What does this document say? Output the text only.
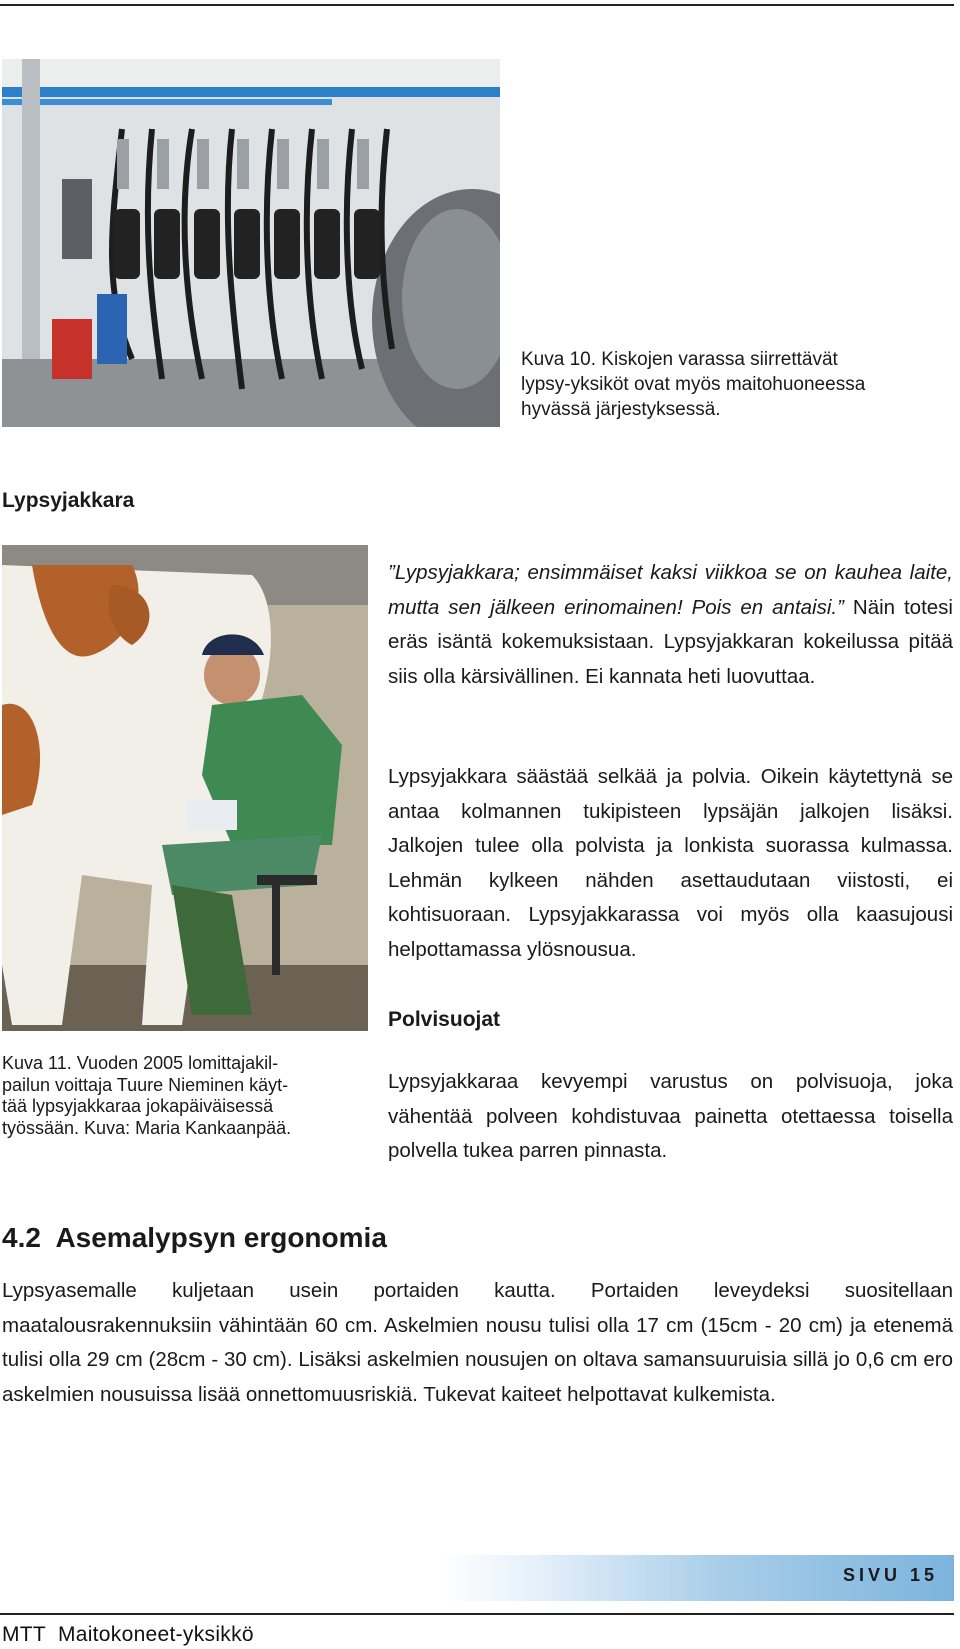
Kuva 10. Kiskojen varassa siirrettävät
lypsy-yksiköt ovat myös maitohuoneessa
hyvässä järjestyksessä.
Lypsyjakkara
”Lypsyjakkara; ensimmäiset kaksi viikkoa se on kauhea laite, mutta sen jälkeen erinomainen! Pois en antaisi.” Näin totesi eräs isäntä kokemuksistaan. Lypsyjakkaran kokeilussa pitää siis olla kärsivällinen. Ei kannata heti luovuttaa.
Lypsyjakkara säästää selkää ja polvia. Oikein käytettynä se antaa kolmannen tukipisteen lypsäjän jalkojen lisäksi. Jalkojen tulee olla polvista ja lonkista suorassa kulmassa. Lehmän kylkeen nähden asettaudutaan viistosti, ei kohtisuoraan. Lypsyjakkarassa voi myös olla kaasujousi helpottamassa ylösnousua.
Polvisuojat
Kuva 11. Vuoden 2005 lomittajakil-
pailun voittaja Tuure Nieminen käyt-
tää lypsyjakkaraa jokapäiväisessä
työssään. Kuva: Maria Kankaanpää.
Lypsyjakkaraa kevyempi varustus on polvisuoja, joka vähentää polveen kohdistuvaa painetta otettaessa toisella polvella tukea parren pinnasta.
4.2  Asemalypsyn ergonomia
Lypsyasemalle kuljetaan usein portaiden kautta. Portaiden leveydeksi suositellaan maatalousrakennuksiin vähintään 60 cm. Askelmien nousu tulisi olla 17 cm (15cm - 20 cm) ja etenemä tulisi olla 29 cm (28cm - 30 cm). Lisäksi askelmien nousujen on oltava samansuuruisia sillä jo 0,6 cm ero askelmien nousuissa lisää onnettomuusriskiä. Tukevat kaiteet helpottavat kulkemista.
SIVU 15
MTT  Maitokoneet-yksikkö
